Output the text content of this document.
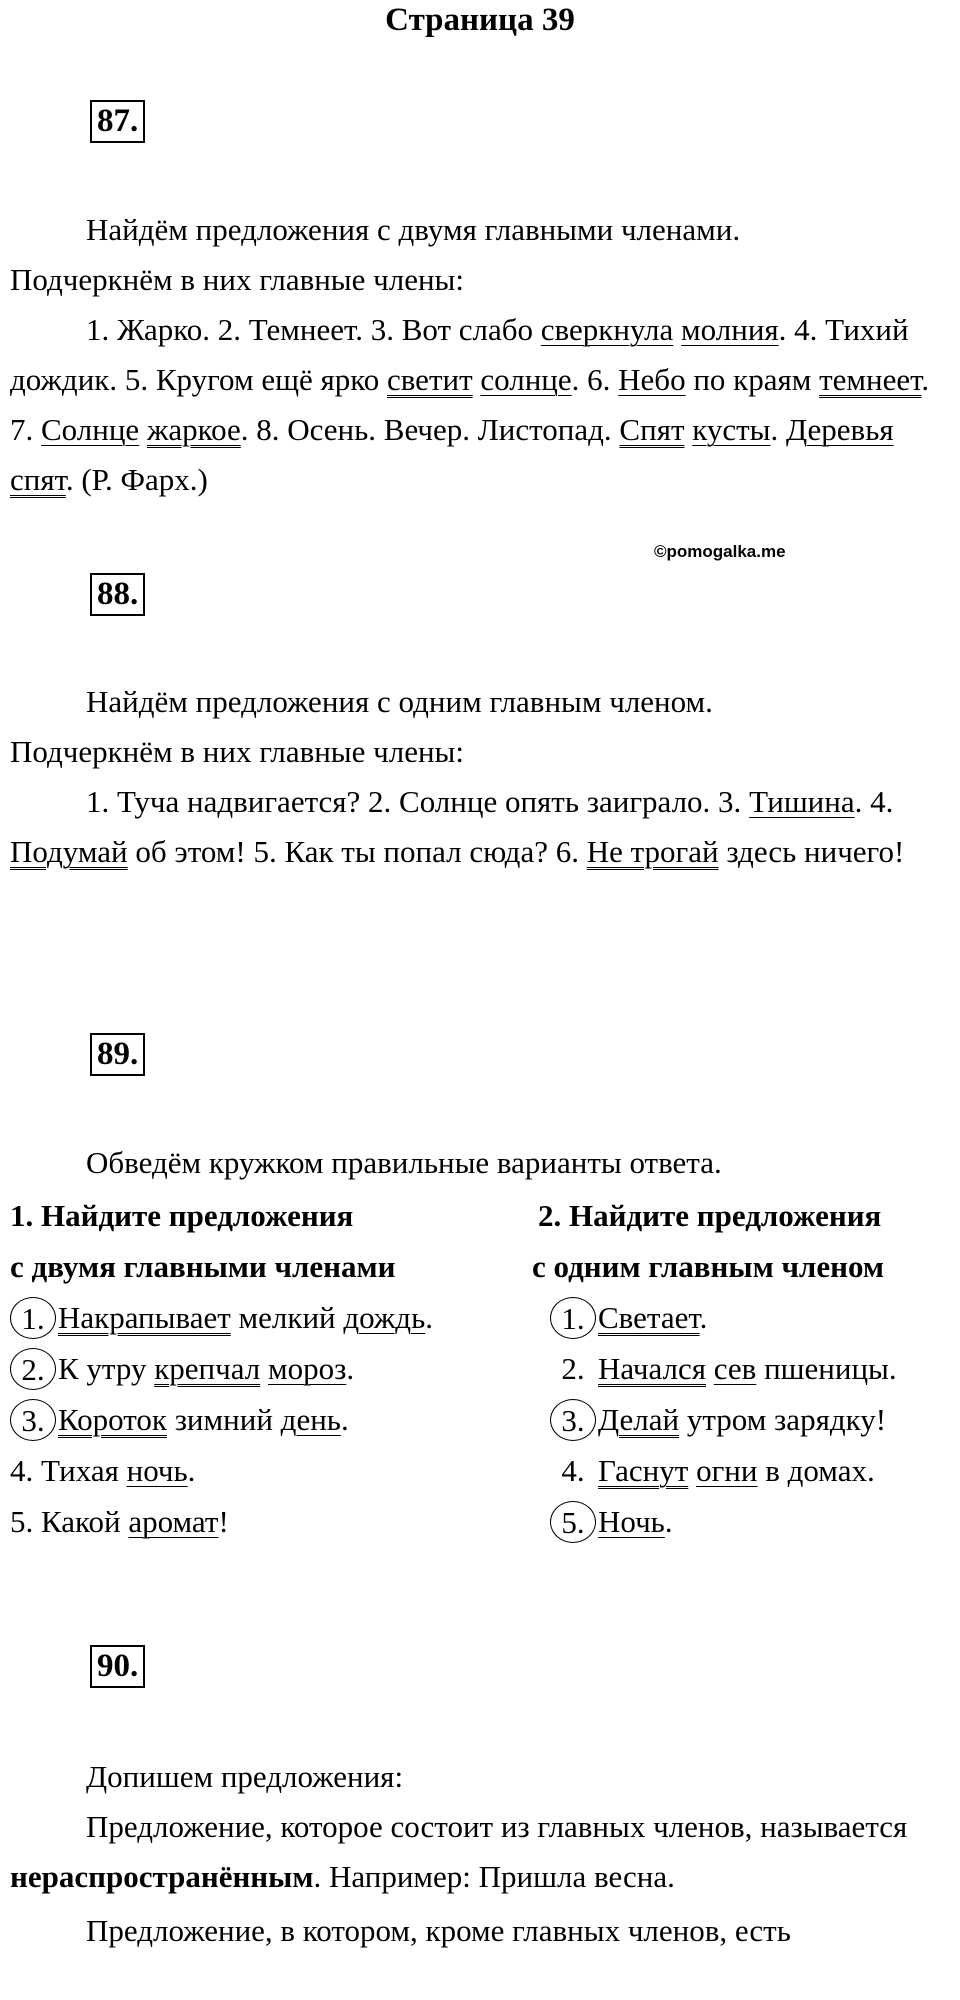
Страница 39
87.

Найдём предложения с двумя главными членами.

Подчеркнём в них главные члены:

1. Жарко. 2. Темнеет. 3. Вот слабо сверкнула молния. 4. Тихий дождик. 5. Кругом ещё ярко светит солнце. 6. Небо по краям темнеет. 7. Солнце жаркое. 8. Осень. Вечер. Листопад. Спят кусты. Деревья спят. (Р. Фарх.)

©pomogalka.me
88.

Найдём предложения с одним главным членом.

Подчеркнём в них главные члены:

1. Туча надвигается? 2. Солнце опять заиграло. 3. Тишина. 4. Подумай об этом! 5. Как ты попал сюда? 6. Не трогай здесь ничего!

89.

Обведём кружком правильные варианты ответа.

1. Найдите предложения
с двумя главными членами
1. Накрапывает мелкий дождь.
2. К утру крепчал мороз.
3. Короток зимний день.
4. Тихая ночь.
5. Какой аромат!
2. Найдите предложения
с одним главным членом
1. Светает.
2. Начался сев пшеницы.
3. Делай утром зарядку!
4. Гаснут огни в домах.
5. Ночь.
90.

Допишем предложения:

Предложение, которое состоит из главных членов, называется нераспространённым. Например: Пришла весна.

Предложение, в котором, кроме главных членов, есть
